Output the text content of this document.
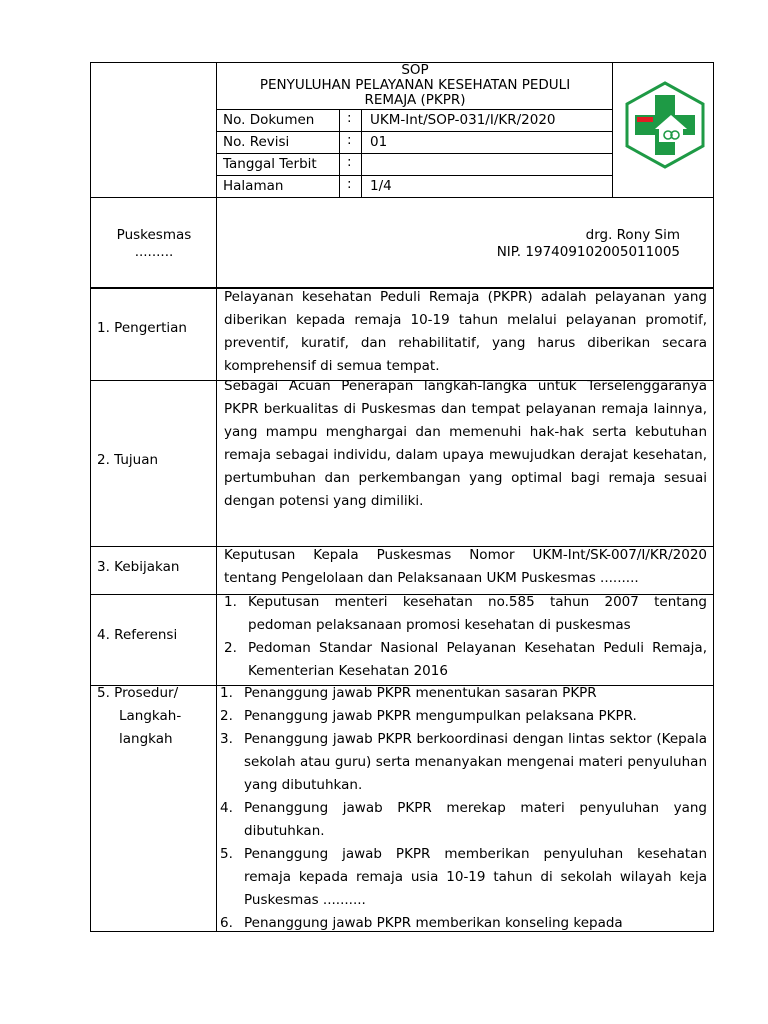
SOP
PENYULUHAN PELAYANAN KESEHATAN PEDULI
REMAJA (PKPR)
No. Dokumen : UKM-Int/SOP-031/I/KR/2020
No. Revisi	: 01
Tanggal Terbit :
Halaman	: 1/4
Puskesmas
.........
drg. Rony Sim
NIP. 197409102005011005
1. Pengertian
Pelayanan kesehatan Peduli Remaja (PKPR) adalah pelayanan yang diberikan kepada remaja 10-19 tahun melalui pelayanan promotif, preventif, kuratif, dan rehabilitatif, yang harus diberikan secara komprehensif di semua tempat.
2. Tujuan
Sebagai Acuan Penerapan langkah-langka untuk Terselenggaranya PKPR berkualitas di Puskesmas dan tempat pelayanan remaja lainnya, yang mampu menghargai dan memenuhi hak-hak serta kebutuhan remaja sebagai individu, dalam upaya mewujudkan derajat kesehatan, pertumbuhan dan perkembangan yang optimal bagi remaja sesuai dengan potensi yang dimiliki.
3. Kebijakan
Keputusan Kepala Puskesmas Nomor UKM-Int/SK-007/I/KR/2020 tentang Pengelolaan dan Pelaksanaan UKM Puskesmas .........
4. Referensi
1. Keputusan menteri kesehatan no.585 tahun 2007 tentang pedoman pelaksanaan promosi kesehatan di puskesmas
2. Pedoman Standar Nasional Pelayanan Kesehatan Peduli Remaja, Kementerian Kesehatan 2016
5. Prosedur/
Langkah-
langkah
1. Penanggung jawab PKPR menentukan sasaran PKPR
2. Penanggung jawab PKPR mengumpulkan pelaksana PKPR.
3. Penanggung jawab PKPR berkoordinasi dengan lintas sektor (Kepala sekolah atau guru) serta menanyakan mengenai materi penyuluhan yang dibutuhkan.
4. Penanggung jawab PKPR merekap materi penyuluhan yang dibutuhkan.
5. Penanggung jawab PKPR memberikan penyuluhan kesehatan remaja kepada remaja usia 10-19 tahun di sekolah wilayah keja Puskesmas ..........
6. Penanggung jawab PKPR memberikan konseling kepada
